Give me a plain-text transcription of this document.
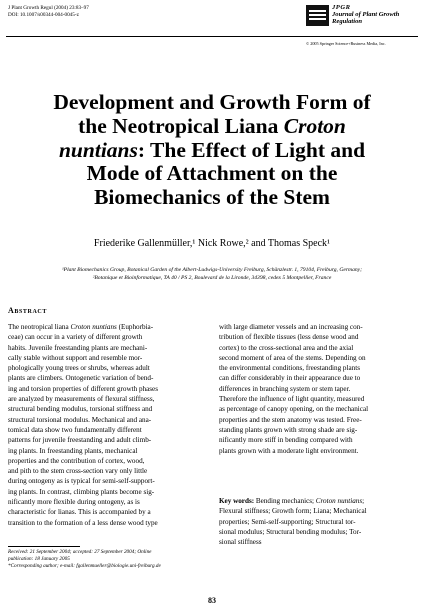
J Plant Growth Regul (2004) 23:83–97
DOI: 10.1007/s00344-004-0045-z
JPGR
Journal of Plant Growth
Regulation
© 2005 Springer Science+Business Media, Inc.
Development and Growth Form of
the Neotropical Liana Croton
nuntians: The Effect of Light and
Mode of Attachment on the
Biomechanics of the Stem
Friederike Gallenmüller,¹ Nick Rowe,² and Thomas Speck¹
¹Plant Biomechanics Group, Botanical Garden of the Albert-Ludwigs-University Freiburg, Schänzlestr. 1, 79104, Freiburg, Germany;
²Botanique et Bioinformatique, TA 40 / PS 2, Boulevard de la Lironde, 34398, cedex 5 Montpellier, France
Abstract
The neotropical liana Croton nuntians (Euphorbia-
ceae) can occur in a variety of different growth
habits. Juvenile freestanding plants are mechani-
cally stable without support and resemble mor-
phologically young trees or shrubs, whereas adult
plants are climbers. Ontogenetic variation of bend-
ing and torsion properties of different growth phases
are analyzed by measurements of flexural stiffness,
structural bending modulus, torsional stiffness and
structural torsional modulus. Mechanical and ana-
tomical data show two fundamentally different
patterns for juvenile freestanding and adult climb-
ing plants. In freestanding plants, mechanical
properties and the contribution of cortex, wood,
and pith to the stem cross-section vary only little
during ontogeny as is typical for semi-self-support-
ing plants. In contrast, climbing plants become sig-
nificantly more flexible during ontogeny, as is
characteristic for lianas. This is accompanied by a
transition to the formation of a less dense wood type
with large diameter vessels and an increasing con-
tribution of flexible tissues (less dense wood and
cortex) to the cross-sectional area and the axial
second moment of area of the stems. Depending on
the environmental conditions, freestanding plants
can differ considerably in their appearance due to
differences in branching system or stem taper.
Therefore the influence of light quantity, measured
as percentage of canopy opening, on the mechanical
properties and the stem anatomy was tested. Free-
standing plants grown with strong shade are sig-
nificantly more stiff in bending compared with
plants grown with a moderate light environment.
Key words: Bending mechanics; Croton nuntians;
Flexural stiffness; Growth form; Liana; Mechanical
properties; Semi-self-supporting; Structural tor-
sional modulus; Structural bending modulus; Tor-
sional stiffness
Received: 21 September 2004; accepted: 27 September 2004; Online
publication: 18 January 2005
*Corresponding author; e-mail: fgallenmueller@biologie.uni-freiburg.de
83
